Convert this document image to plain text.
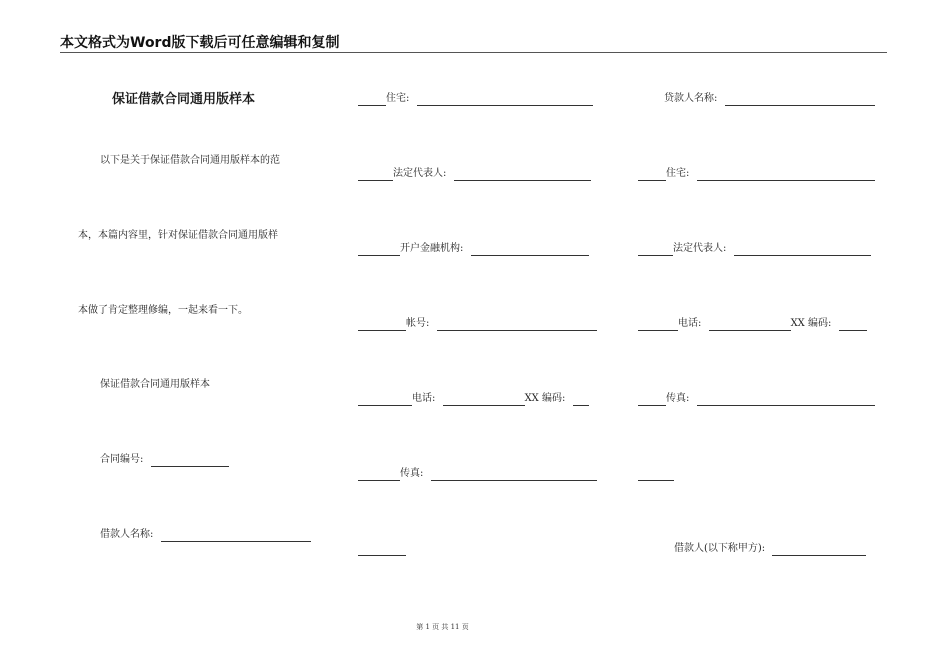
本文格式为Word版下载后可任意编辑和复制
保证借款合同通用版样本
以下是关于保证借款合同通用版样本的范
本，本篇内容里，针对保证借款合同通用版样
本做了肯定整理修编，一起来看一下。
保证借款合同通用版样本
合同编号:
借款人名称:
住宅:
法定代表人:
开户金融机构:
帐号:
电话:	XX 编码:
传真:
贷款人名称:
住宅:
法定代表人:
电话:	XX 编码:
传真:
借款人(以下称甲方):
第 1 页 共 11 页
